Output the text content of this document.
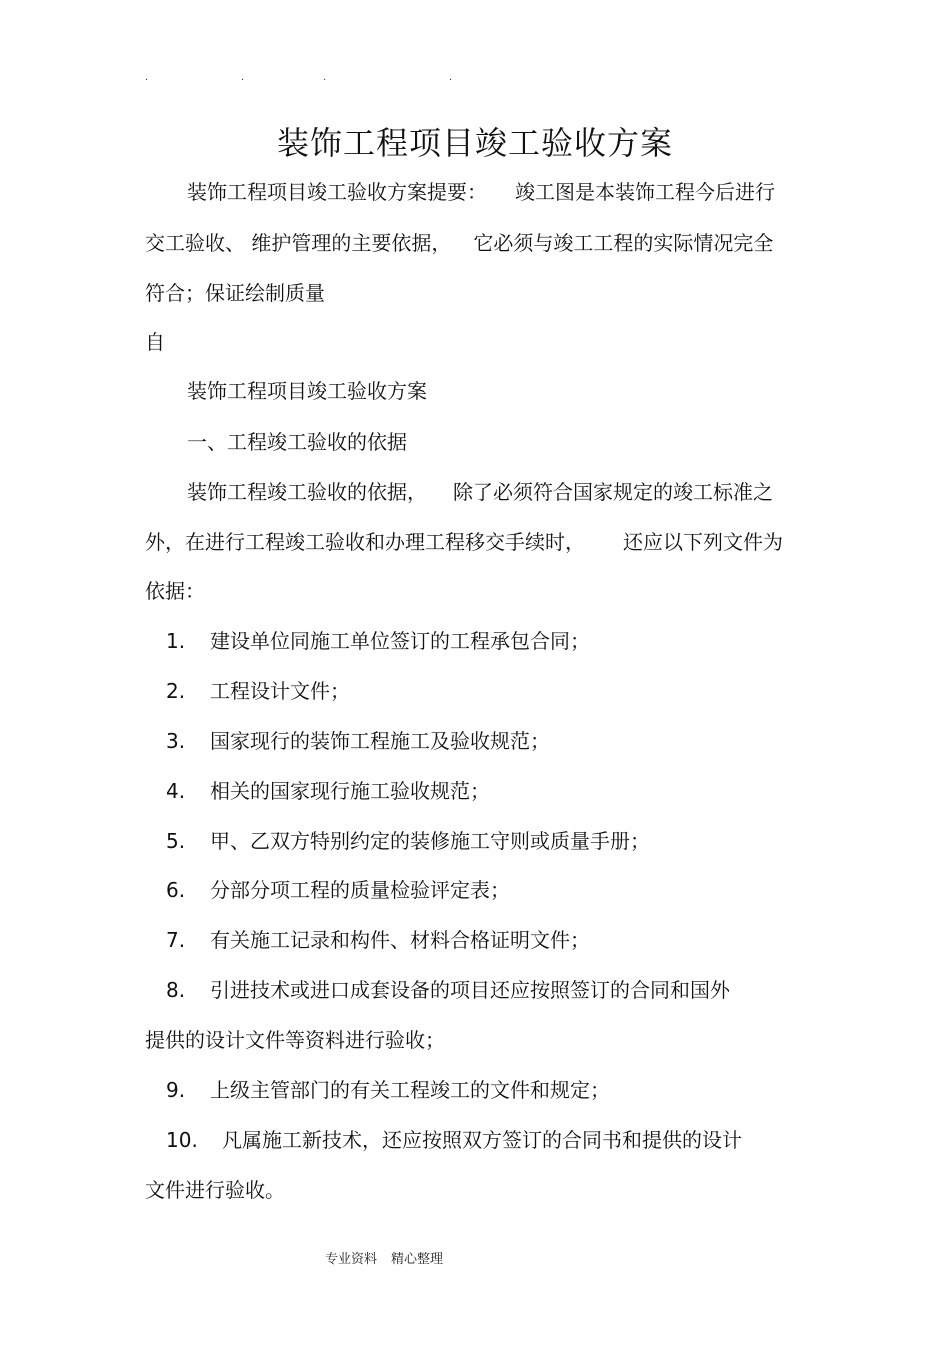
.	.	.	.
装饰工程项目竣工验收方案
装饰工程项目竣工验收方案提要： 竣工图是本装饰工程今后进行
交工验收、 维护管理的主要依据， 它必须与竣工工程的实际情况完全
符合；保证绘制质量
自
装饰工程项目竣工验收方案
一、工程竣工验收的依据
装饰工程竣工验收的依据， 除了必须符合国家规定的竣工标准之
外，在进行工程竣工验收和办理工程移交手续时， 还应以下列文件为
依据：
1. 建设单位同施工单位签订的工程承包合同；
2. 工程设计文件；
3. 国家现行的装饰工程施工及验收规范；
4. 相关的国家现行施工验收规范；
5. 甲、乙双方特别约定的装修施工守则或质量手册；
6. 分部分项工程的质量检验评定表；
7. 有关施工记录和构件、材料合格证明文件；
8. 引进技术或进口成套设备的项目还应按照签订的合同和国外
提供的设计文件等资料进行验收；
9. 上级主管部门的有关工程竣工的文件和规定；
10. 凡属施工新技术，还应按照双方签订的合同书和提供的设计
文件进行验收。
专业资料 精心整理
